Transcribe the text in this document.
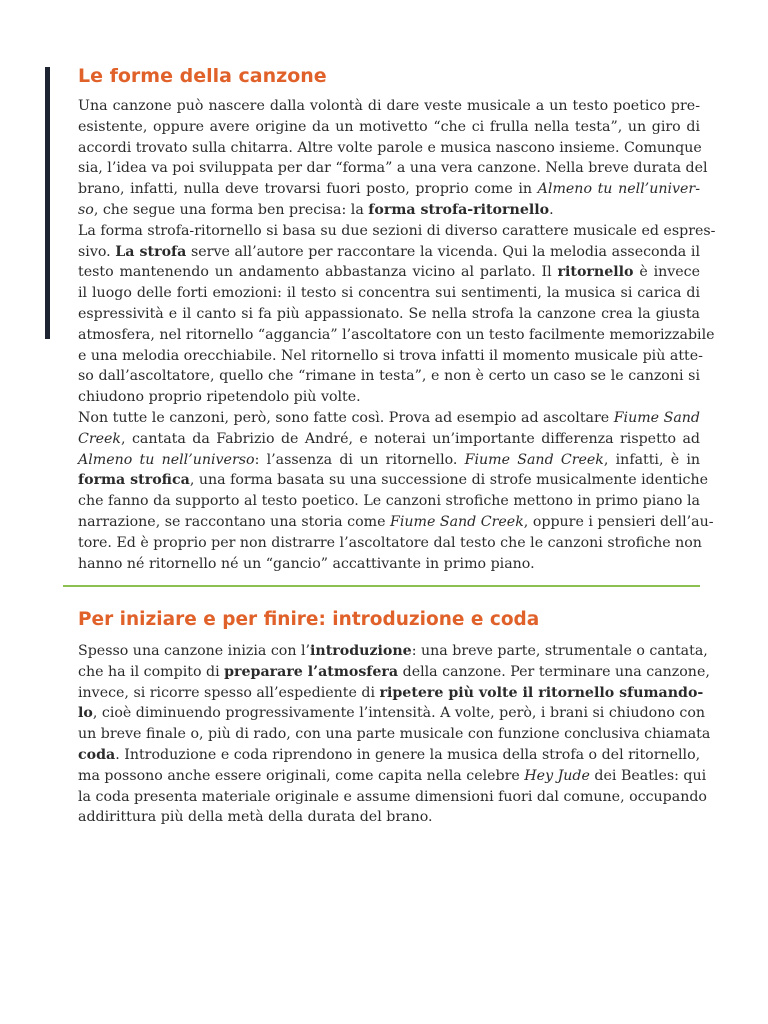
Le forme della canzone
Una canzone può nascere dalla volontà di dare veste musicale a un testo poetico pre-
esistente, oppure avere origine da un motivetto “che ci frulla nella testa”, un giro di
accordi trovato sulla chitarra. Altre volte parole e musica nascono insieme. Comunque
sia, l’idea va poi sviluppata per dar “forma” a una vera canzone. Nella breve durata del
brano, infatti, nulla deve trovarsi fuori posto, proprio come in Almeno tu nell’univer-
so, che segue una forma ben precisa: la forma strofa-ritornello.
La forma strofa-ritornello si basa su due sezioni di diverso carattere musicale ed espres-
sivo. La strofa serve all’autore per raccontare la vicenda. Qui la melodia asseconda il
testo mantenendo un andamento abbastanza vicino al parlato. Il ritornello è invece
il luogo delle forti emozioni: il testo si concentra sui sentimenti, la musica si carica di
espressività e il canto si fa più appassionato. Se nella strofa la canzone crea la giusta
atmosfera, nel ritornello “aggancia” l’ascoltatore con un testo facilmente memorizzabile
e una melodia orecchiabile. Nel ritornello si trova infatti il momento musicale più atte-
so dall’ascoltatore, quello che “rimane in testa”, e non è certo un caso se le canzoni si
chiudono proprio ripetendolo più volte.
Non tutte le canzoni, però, sono fatte così. Prova ad esempio ad ascoltare Fiume Sand
Creek, cantata da Fabrizio de André, e noterai un’importante differenza rispetto ad
Almeno tu nell’universo: l’assenza di un ritornello. Fiume Sand Creek, infatti, è in
forma strofica, una forma basata su una successione di strofe musicalmente identiche
che fanno da supporto al testo poetico. Le canzoni strofiche mettono in primo piano la
narrazione, se raccontano una storia come Fiume Sand Creek, oppure i pensieri dell’au-
tore. Ed è proprio per non distrarre l’ascoltatore dal testo che le canzoni strofiche non
hanno né ritornello né un “gancio” accattivante in primo piano.
Per iniziare e per finire: introduzione e coda
Spesso una canzone inizia con l’introduzione: una breve parte, strumentale o cantata,
che ha il compito di preparare l’atmosfera della canzone. Per terminare una canzone,
invece, si ricorre spesso all’espediente di ripetere più volte il ritornello sfumando-
lo, cioè diminuendo progressivamente l’intensità. A volte, però, i brani si chiudono con
un breve finale o, più di rado, con una parte musicale con funzione conclusiva chiamata
coda. Introduzione e coda riprendono in genere la musica della strofa o del ritornello,
ma possono anche essere originali, come capita nella celebre Hey Jude dei Beatles: qui
la coda presenta materiale originale e assume dimensioni fuori dal comune, occupando
addirittura più della metà della durata del brano.
